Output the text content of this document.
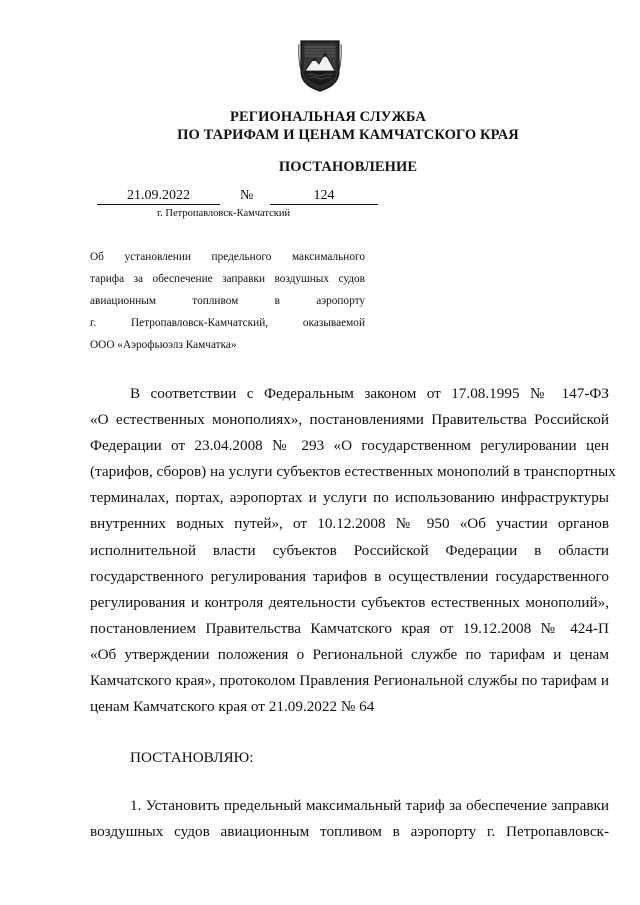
РЕГИОНАЛЬНАЯ СЛУЖБА
ПО ТАРИФАМ И ЦЕНАМ КАМЧАТСКОГО КРАЯ
ПОСТАНОВЛЕНИЕ
21.09.2022	№	124
г. Петропавловск-Камчатский
Об установлении предельного максимального
тарифа за обеспечение заправки воздушных судов
авиационным топливом в аэропорту
г. Петропавловск-Камчатский, оказываемой
ООО «Аэрофьюэлз Камчатка»
В соответствии с Федеральным законом от 17.08.1995 № 147-ФЗ
«О естественных монополиях», постановлениями Правительства Российской
Федерации от 23.04.2008 № 293 «О государственном регулировании цен
(тарифов, сборов) на услуги субъектов естественных монополий в транспортных
терминалах, портах, аэропортах и услуги по использованию инфраструктуры
внутренних водных путей», от 10.12.2008 № 950 «Об участии органов
исполнительной власти субъектов Российской Федерации в области
государственного регулирования тарифов в осуществлении государственного
регулирования и контроля деятельности субъектов естественных монополий»,
постановлением Правительства Камчатского края от 19.12.2008 № 424-П
«Об утверждении положения о Региональной службе по тарифам и ценам
Камчатского края», протоколом Правления Региональной службы по тарифам и
ценам Камчатского края от 21.09.2022 № 64
ПОСТАНОВЛЯЮ:
1. Установить предельный максимальный тариф за обеспечение заправки
воздушных судов авиационным топливом в аэропорту г. Петропавловск-
